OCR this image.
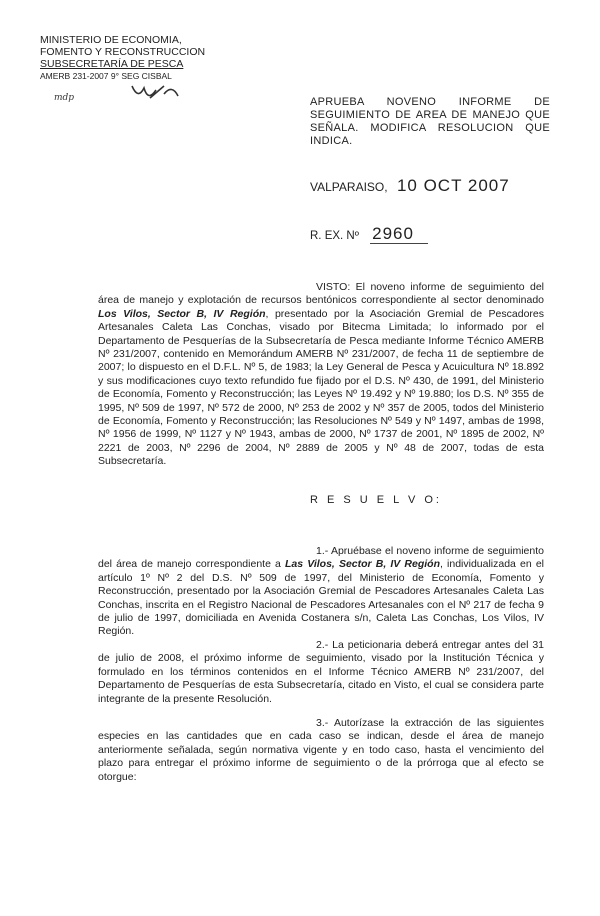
MINISTERIO DE ECONOMIA,
FOMENTO Y RECONSTRUCCION
SUBSECRETARÍA DE PESCA
AMERB 231-2007 9° SEG CISBAL
mdp	APRUEBA NOVENO INFORME DE SEGUIMIENTO DE AREA DE MANEJO QUE SEÑALA. MODIFICA RESOLUCION QUE INDICA.
VALPARAISO, 10 OCT 2007
R. EX. Nº 2960

VISTO: El noveno informe de seguimiento del área de manejo y explotación de recursos bentónicos correspondiente al sector denominado Los Vilos, Sector B, IV Región, presentado por la Asociación Gremial de Pescadores Artesanales Caleta Las Conchas, visado por Bitecma Limitada; lo informado por el Departamento de Pesquerías de la Subsecretaría de Pesca mediante Informe Técnico AMERB Nº 231/2007, contenido en Memorándum AMERB Nº 231/2007, de fecha 11 de septiembre de 2007; lo dispuesto en el D.F.L. Nº 5, de 1983; la Ley General de Pesca y Acuicultura Nº 18.892 y sus modificaciones cuyo texto refundido fue fijado por el D.S. Nº 430, de 1991, del Ministerio de Economía, Fomento y Reconstrucción; las Leyes Nº 19.492 y Nº 19.880; los D.S. Nº 355 de 1995, Nº 509 de 1997, Nº 572 de 2000, Nº 253 de 2002 y Nº 357 de 2005, todos del Ministerio de Economía, Fomento y Reconstrucción; las Resoluciones Nº 549 y Nº 1497, ambas de 1998, Nº 1956 de 1999, Nº 1127 y Nº 1943, ambas de 2000, Nº 1737 de 2001, Nº 1895 de 2002, Nº 2221 de 2003, Nº 2296 de 2004, Nº 2889 de 2005 y Nº 48 de 2007, todas de esta Subsecretaría.

R E S U E L V O:

1.- Apruébase el noveno informe de seguimiento del área de manejo correspondiente a Las Vilos, Sector B, IV Región, individualizada en el artículo 1º Nº 2 del D.S. Nº 509 de 1997, del Ministerio de Economía, Fomento y Reconstrucción, presentado por la Asociación Gremial de Pescadores Artesanales Caleta Las Conchas, inscrita en el Registro Nacional de Pescadores Artesanales con el Nº 217 de fecha 9 de julio de 1997, domiciliada en Avenida Costanera s/n, Caleta Las Conchas, Los Vilos, IV Región.

2.- La peticionaria deberá entregar antes del 31 de julio de 2008, el próximo informe de seguimiento, visado por la Institución Técnica y formulado en los términos contenidos en el Informe Técnico AMERB Nº 231/2007, del Departamento de Pesquerías de esta Subsecretaría, citado en Visto, el cual se considera parte integrante de la presente Resolución.

3.- Autorízase la extracción de las siguientes especies en las cantidades que en cada caso se indican, desde el área de manejo anteriormente señalada, según normativa vigente y en todo caso, hasta el vencimiento del plazo para entregar el próximo informe de seguimiento o de la prórroga que al efecto se otorgue:
